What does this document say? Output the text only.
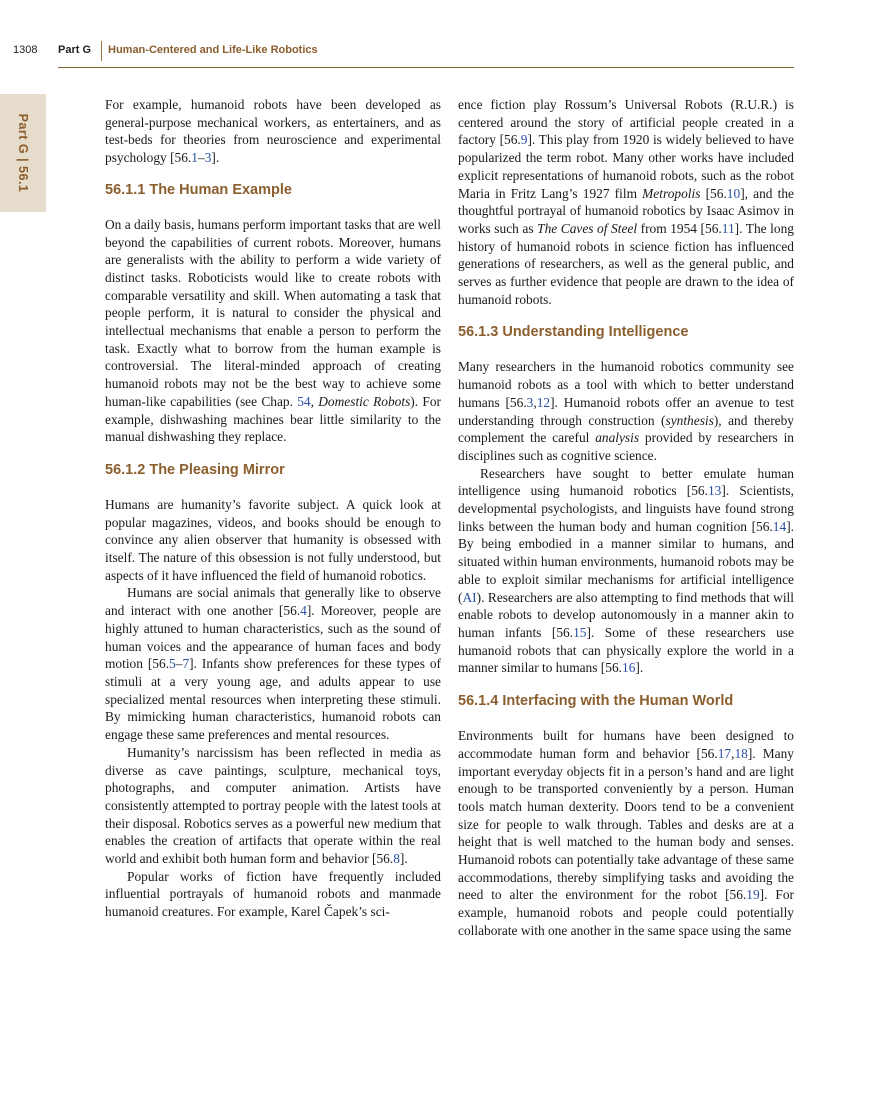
1308 Part G Human-Centered and Life-Like Robotics
Part G | 56.1

For example, humanoid robots have been developed as general-purpose mechanical workers, as entertainers, and as test-beds for theories from neuroscience and experimental psychology [56.1–3].

56.1.1 The Human Example

On a daily basis, humans perform important tasks that are well beyond the capabilities of current robots. Moreover, humans are generalists with the ability to perform a wide variety of distinct tasks. Roboticists would like to create robots with comparable versatility and skill. When automating a task that people perform, it is natural to consider the physical and intellectual mechanisms that enable a person to perform the task. Exactly what to borrow from the human example is controversial. The literal-minded approach of creating humanoid robots may not be the best way to achieve some human-like capabilities (see Chap. 54, Domestic Robots). For example, dishwashing machines bear little similarity to the manual dishwashing they replace.

56.1.2 The Pleasing Mirror

Humans are humanity’s favorite subject. A quick look at popular magazines, videos, and books should be enough to convince any alien observer that humanity is obsessed with itself. The nature of this obsession is not fully understood, but aspects of it have influenced the field of humanoid robotics.

Humans are social animals that generally like to observe and interact with one another [56.4]. Moreover, people are highly attuned to human characteristics, such as the sound of human voices and the appearance of human faces and body motion [56.5–7]. Infants show preferences for these types of stimuli at a very young age, and adults appear to use specialized mental resources when interpreting these stimuli. By mimicking human characteristics, humanoid robots can engage these same preferences and mental resources.

Humanity’s narcissism has been reflected in media as diverse as cave paintings, sculpture, mechanical toys, photographs, and computer animation. Artists have consistently attempted to portray people with the latest tools at their disposal. Robotics serves as a powerful new medium that enables the creation of artifacts that operate within the real world and exhibit both human form and behavior [56.8].

Popular works of fiction have frequently included influential portrayals of humanoid robots and manmade humanoid creatures. For example, Karel Čapek’s sci-

ence fiction play Rossum’s Universal Robots (R.U.R.) is centered around the story of artificial people created in a factory [56.9]. This play from 1920 is widely believed to have popularized the term robot. Many other works have included explicit representations of humanoid robots, such as the robot Maria in Fritz Lang’s 1927 film Metropolis [56.10], and the thoughtful portrayal of humanoid robotics by Isaac Asimov in works such as The Caves of Steel from 1954 [56.11]. The long history of humanoid robots in science fiction has influenced generations of researchers, as well as the general public, and serves as further evidence that people are drawn to the idea of humanoid robots.

56.1.3 Understanding Intelligence

Many researchers in the humanoid robotics community see humanoid robots as a tool with which to better understand humans [56.3,12]. Humanoid robots offer an avenue to test understanding through construction (synthesis), and thereby complement the careful analysis provided by researchers in disciplines such as cognitive science.

Researchers have sought to better emulate human intelligence using humanoid robotics [56.13]. Scientists, developmental psychologists, and linguists have found strong links between the human body and human cognition [56.14]. By being embodied in a manner similar to humans, and situated within human environments, humanoid robots may be able to exploit similar mechanisms for artificial intelligence (AI). Researchers are also attempting to find methods that will enable robots to develop autonomously in a manner akin to human infants [56.15]. Some of these researchers use humanoid robots that can physically explore the world in a manner similar to humans [56.16].

56.1.4 Interfacing with the Human World

Environments built for humans have been designed to accommodate human form and behavior [56.17,18]. Many important everyday objects fit in a person’s hand and are light enough to be transported conveniently by a person. Human tools match human dexterity. Doors tend to be a convenient size for people to walk through. Tables and desks are at a height that is well matched to the human body and senses. Humanoid robots can potentially take advantage of these same accommodations, thereby simplifying tasks and avoiding the need to alter the environment for the robot [56.19]. For example, humanoid robots and people could potentially collaborate with one another in the same space using the same
